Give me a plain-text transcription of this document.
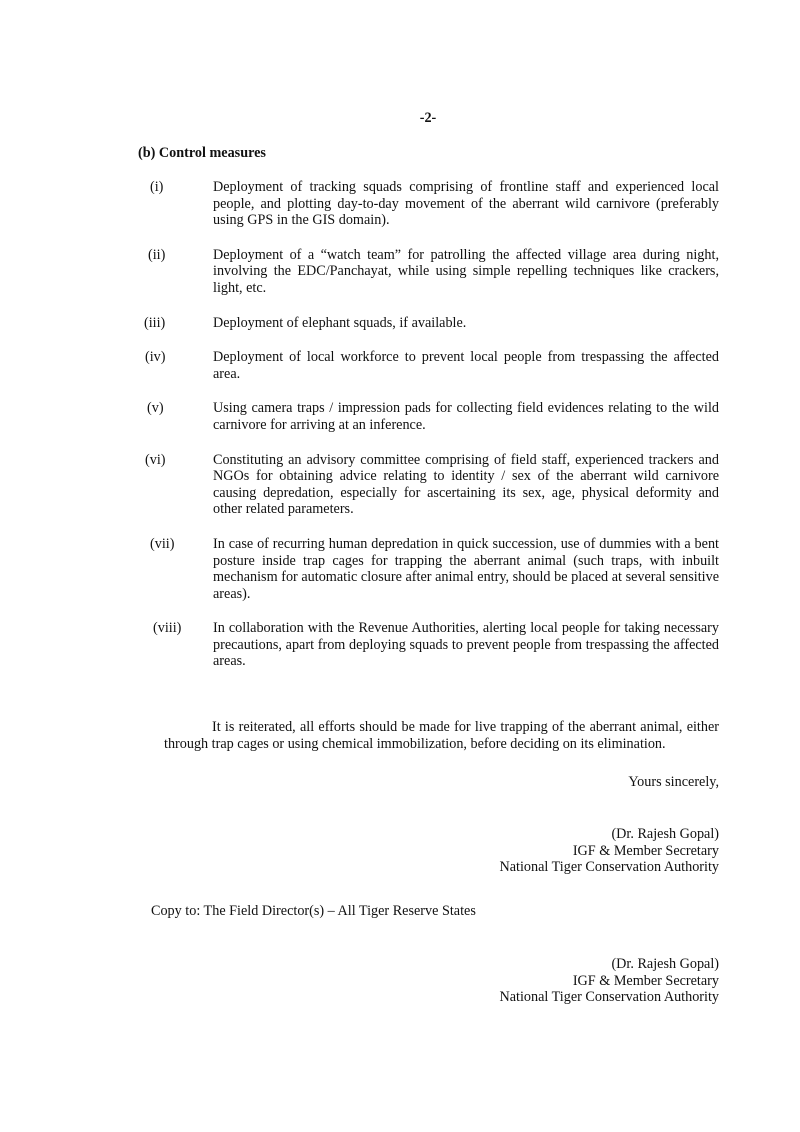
-2-
(b) Control measures
(i)	Deployment of tracking squads comprising of frontline staff and experienced local people, and plotting day-to-day movement of the aberrant wild carnivore (preferably using GPS in the GIS domain).
(ii)	Deployment of a “watch team” for patrolling the affected village area during night, involving the EDC/Panchayat, while using simple repelling techniques like crackers, light, etc.
(iii)	Deployment of elephant squads, if available.
(iv)	Deployment of local workforce to prevent local people from trespassing the affected area.
(v)	Using camera traps / impression pads for collecting field evidences relating to the wild carnivore for arriving at an inference.
(vi)	Constituting an advisory committee comprising of field staff, experienced trackers and NGOs for obtaining advice relating to identity / sex of the aberrant wild carnivore causing depredation, especially for ascertaining its sex, age, physical deformity and other related parameters.
(vii)	In case of recurring human depredation in quick succession, use of dummies with a bent posture inside trap cages for trapping the aberrant animal (such traps, with inbuilt mechanism for automatic closure after animal entry, should be placed at several sensitive areas).
(viii)	In collaboration with the Revenue Authorities, alerting local people for taking necessary precautions, apart from deploying squads to prevent people from trespassing the affected areas.
It is reiterated, all efforts should be made for live trapping of the aberrant animal, either through trap cages or using chemical immobilization, before deciding on its elimination.
Yours sincerely,
(Dr. Rajesh Gopal)
IGF & Member Secretary
National Tiger Conservation Authority
Copy to: The Field Director(s) – All Tiger Reserve States
(Dr. Rajesh Gopal)
IGF & Member Secretary
National Tiger Conservation Authority
